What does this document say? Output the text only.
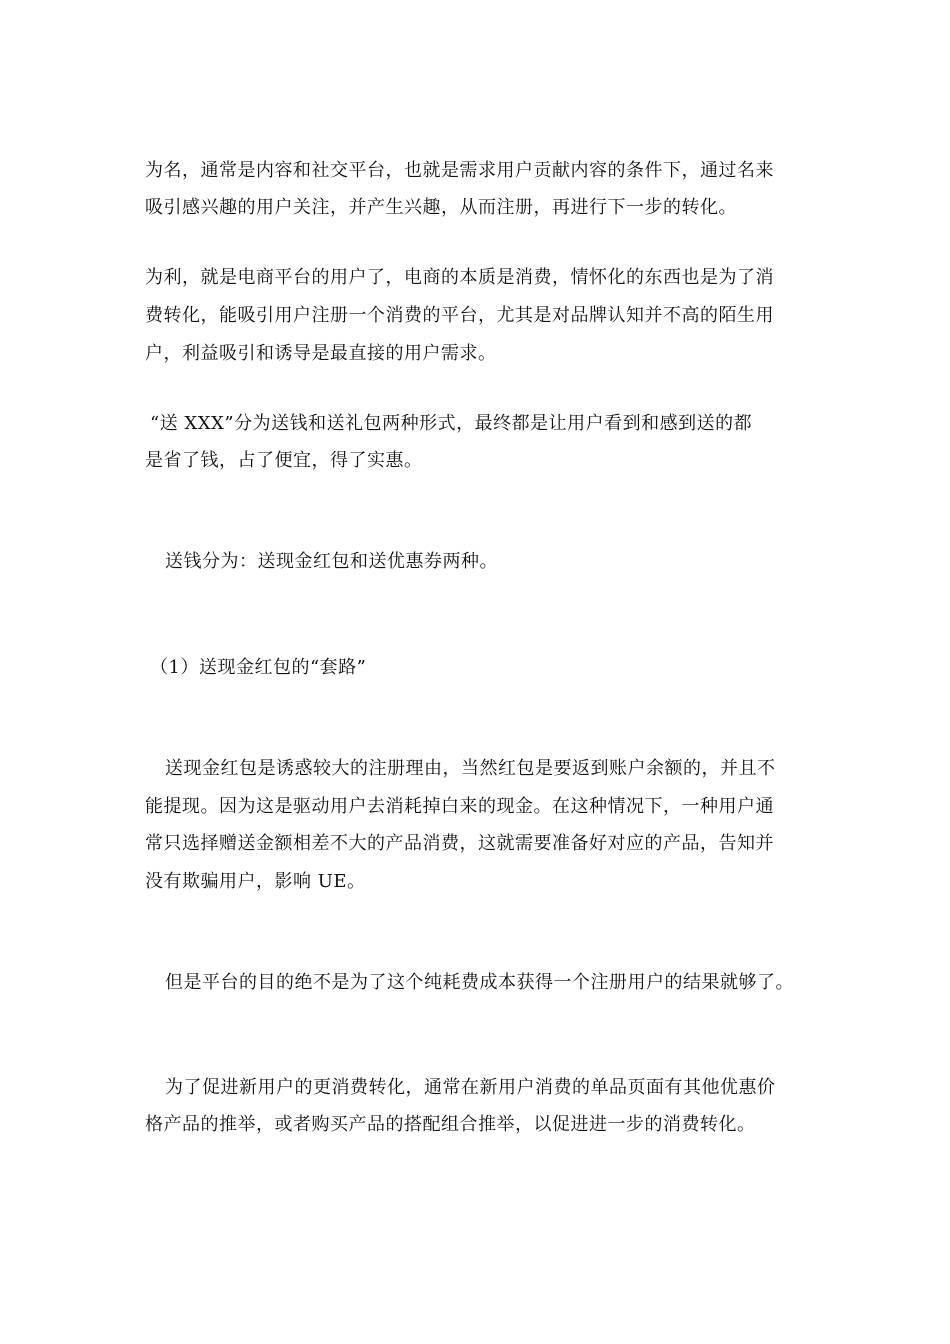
为名，通常是内容和社交平台，也就是需求用户贡献内容的条件下，通过名来
吸引感兴趣的用户关注，并产生兴趣，从而注册，再进行下一步的转化。
为利，就是电商平台的用户了，电商的本质是消费，情怀化的东西也是为了消
费转化，能吸引用户注册一个消费的平台，尤其是对品牌认知并不高的陌生用
户，利益吸引和诱导是最直接的用户需求。
“送 XXX”分为送钱和送礼包两种形式，最终都是让用户看到和感到送的都
是省了钱，占了便宜，得了实惠。
送钱分为：送现金红包和送优惠券两种。
（1）送现金红包的“套路”
送现金红包是诱惑较大的注册理由，当然红包是要返到账户余额的，并且不
能提现。因为这是驱动用户去消耗掉白来的现金。在这种情况下，一种用户通
常只选择赠送金额相差不大的产品消费，这就需要准备好对应的产品，告知并
没有欺骗用户，影响 UE。
但是平台的目的绝不是为了这个纯耗费成本获得一个注册用户的结果就够了。
为了促进新用户的更消费转化，通常在新用户消费的单品页面有其他优惠价
格产品的推举，或者购买产品的搭配组合推举，以促进进一步的消费转化。
